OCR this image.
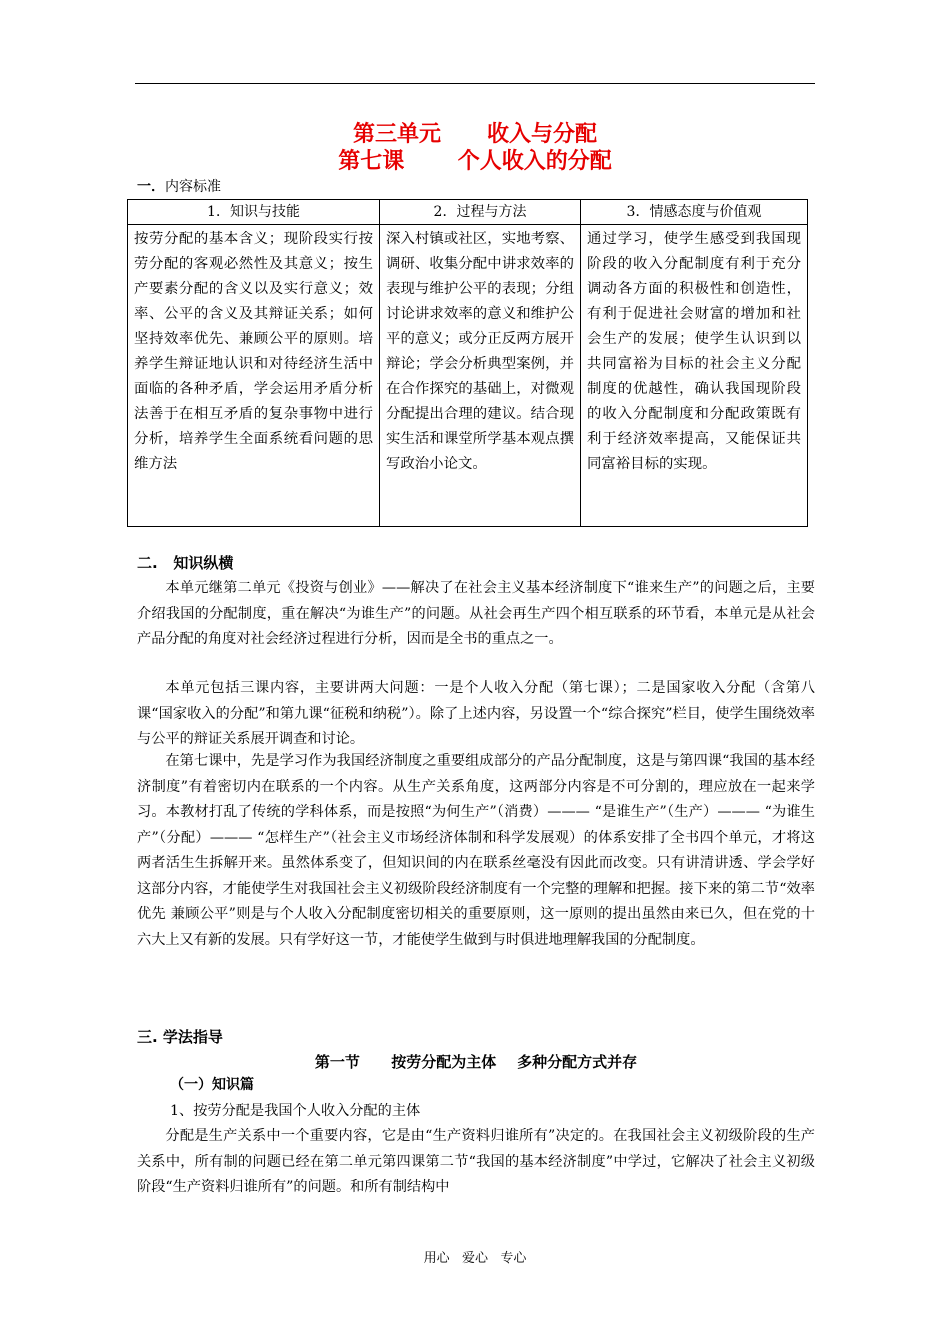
第三单元      收入与分配
第七课       个人收入的分配
一．内容标准
1．知识与技能	2．过程与方法	3．情感态度与价值观
按劳分配的基本含义；现阶段实行按劳分配的客观必然性及其意义；按生产要素分配的含义以及实行意义；效率、公平的含义及其辩证关系；如何坚持效率优先、兼顾公平的原则。培养学生辩证地认识和对待经济生活中面临的各种矛盾，学会运用矛盾分析法善于在相互矛盾的复杂事物中进行分析，培养学生全面系统看问题的思维方法	深入村镇或社区，实地考察、调研、收集分配中讲求效率的表现与维护公平的表现；分组讨论讲求效率的意义和维护公平的意义；或分正反两方展开辩论；学会分析典型案例，并在合作探究的基础上，对微观分配提出合理的建议。结合现实生活和课堂所学基本观点撰写政治小论文。	通过学习，使学生感受到我国现阶段的收入分配制度有利于充分调动各方面的积极性和创造性，有利于促进社会财富的增加和社会生产的发展；使学生认识到以共同富裕为目标的社会主义分配制度的优越性，确认我国现阶段的收入分配制度和分配政策既有利于经济效率提高，又能保证共同富裕目标的实现。
二.   知识纵横
本单元继第二单元《投资与创业》——解决了在社会主义基本经济制度下“谁来生产”的问题之后，主要介绍我国的分配制度，重在解决“为谁生产”的问题。从社会再生产四个相互联系的环节看，本单元是从社会产品分配的角度对社会经济过程进行分析，因而是全书的重点之一。
本单元包括三课内容，主要讲两大问题：一是个人收入分配（第七课）；二是国家收入分配（含第八课“国家收入的分配”和第九课“征税和纳税”）。除了上述内容，另设置一个“综合探究”栏目，使学生围绕效率与公平的辩证关系展开调查和讨论。
在第七课中，先是学习作为我国经济制度之重要组成部分的产品分配制度，这是与第四课“我国的基本经济制度”有着密切内在联系的一个内容。从生产关系角度，这两部分内容是不可分割的，理应放在一起来学习。本教材打乱了传统的学科体系，而是按照“为何生产”（消费）——— “是谁生产”（生产）——— “为谁生产”（分配）——— “怎样生产”（社会主义市场经济体制和科学发展观）的体系安排了全书四个单元，才将这两者活生生拆解开来。虽然体系变了，但知识间的内在联系丝毫没有因此而改变。只有讲清讲透、学会学好这部分内容，才能使学生对我国社会主义初级阶段经济制度有一个完整的理解和把握。接下来的第二节“效率优先 兼顾公平”则是与个人收入分配制度密切相关的重要原则，这一原则的提出虽然由来已久，但在党的十六大上又有新的发展。只有学好这一节，才能使学生做到与时俱进地理解我国的分配制度。
三. 学法指导
第一节      按劳分配为主体    多种分配方式并存
（一）知识篇
1、按劳分配是我国个人收入分配的主体
分配是生产关系中一个重要内容，它是由“生产资料归谁所有”决定的。在我国社会主义初级阶段的生产关系中，所有制的问题已经在第二单元第四课第二节“我国的基本经济制度”中学过，它解决了社会主义初级阶段“生产资料归谁所有”的问题。和所有制结构中
用心   爱心   专心
